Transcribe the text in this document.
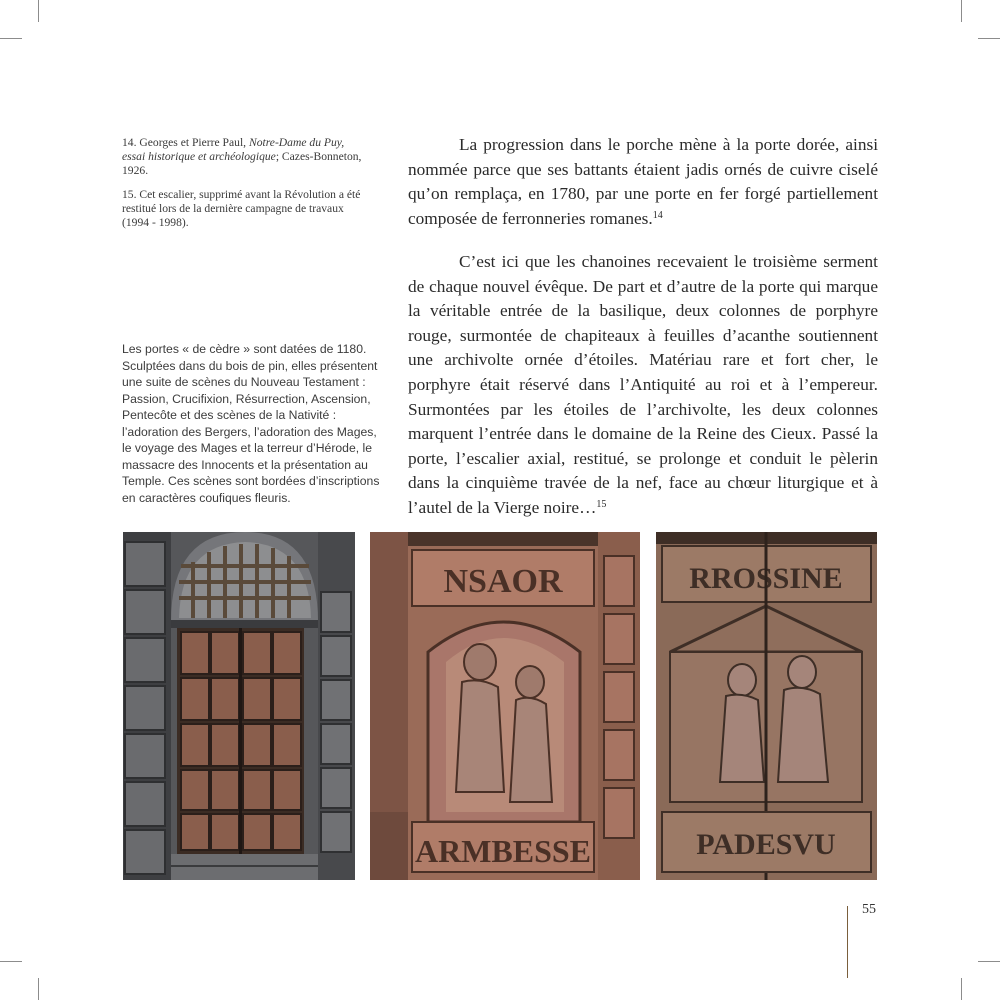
14. Georges et Pierre Paul, Notre-Dame du Puy, essai historique et archéologique; Cazes-Bonneton, 1926.
15. Cet escalier, supprimé avant la Révolution a été restitué lors de la dernière campagne de travaux (1994 - 1998).
Les portes « de cèdre » sont datées de 1180. Sculptées dans du bois de pin, elles présentent une suite de scènes du Nouveau Testament : Passion, Crucifixion, Résurrection, Ascension, Pentecôte et des scènes de la Nativité : l’adoration des Bergers, l’adoration des Mages, le voyage des Mages et la terreur d’Hérode, le massacre des Innocents et la présentation au Temple. Ces scènes sont bordées d’inscriptions en caractères coufiques fleuris.

La progression dans le porche mène à la porte dorée, ainsi nommée parce que ses battants étaient jadis ornés de cuivre ciselé qu’on remplaça, en 1780, par une porte en fer forgé partiellement composée de ferronneries romanes.$^{14}$

C’est ici que les chanoines recevaient le troisième serment de chaque nouvel évêque. De part et d’autre de la porte qui marque la véritable entrée de la basilique, deux colonnes de porphyre rouge, surmontée de chapiteaux à feuilles d’acanthe soutiennent une archivolte ornée d’étoiles. Matériau rare et fort cher, le porphyre était réservé dans l’Antiquité au roi et à l’empereur. Surmontées par les étoiles de l’archivolte, les deux colonnes marquent l’entrée dans le domaine de la Reine des Cieux. Passé la porte, l’escalier axial, restitué, se prolonge et conduit le pèlerin dans la cinquième travée de la nef, face au chœur liturgique et à l’autel de la Vierge noire…$^{15}$

NSAOR
ARMBESSE
RROSSINE
PADESVU
55
